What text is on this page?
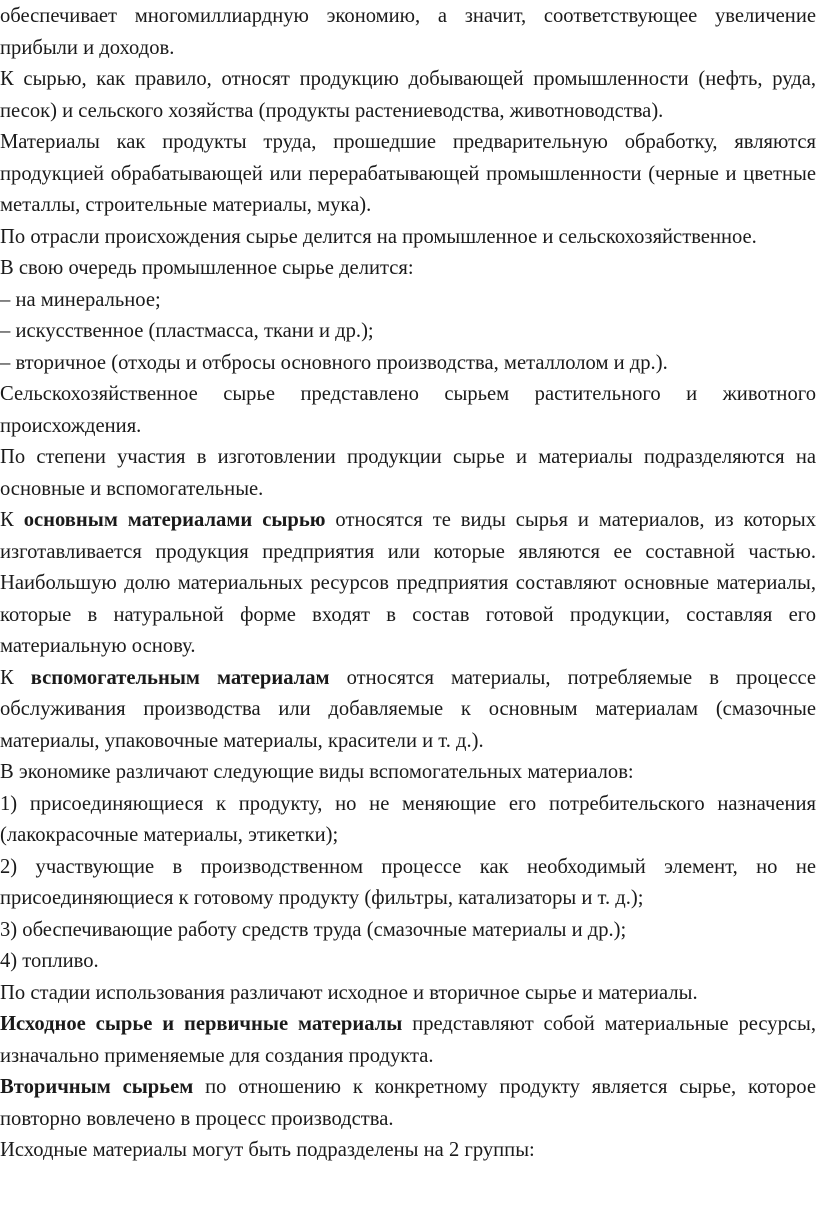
обеспечивает многомиллиардную экономию, а значит, соответствующее увеличение прибыли и доходов.

К сырью, как правило, относят продукцию добывающей промышленности (нефть, руда, песок) и сельского хозяйства (продукты растениеводства, животноводства).

Материалы как продукты труда, прошедшие предварительную обработку, являются продукцией обрабатывающей или перерабатывающей промышленности (черные и цветные металлы, строительные материалы, мука).

По отрасли происхождения сырье делится на промышленное и сельскохозяйственное.

В свою очередь промышленное сырье делится:

– на минеральное;

– искусственное (пластмасса, ткани и др.);

– вторичное (отходы и отбросы основного производства, металлолом и др.).

Сельскохозяйственное сырье представлено сырьем растительного и животного происхождения.

По степени участия в изготовлении продукции сырье и материалы подразделяются на основные и вспомогательные.

К основным материалами сырью относятся те виды сырья и материалов, из которых изготавливается продукция предприятия или которые являются ее составной частью. Наибольшую долю материальных ресурсов предприятия составляют основные материалы, которые в натуральной форме входят в состав готовой продукции, составляя его материальную основу.

К вспомогательным материалам относятся материалы, потребляемые в процессе обслуживания производства или добавляемые к основным материалам (смазочные материалы, упаковочные материалы, красители и т. д.).

В экономике различают следующие виды вспомогательных материалов:

1) присоединяющиеся к продукту, но не меняющие его потребительского назначения (лакокрасочные материалы, этикетки);

2) участвующие в производственном процессе как необходимый элемент, но не присоединяющиеся к готовому продукту (фильтры, катализаторы и т. д.);

3) обеспечивающие работу средств труда (смазочные материалы и др.);

4) топливо.

По стадии использования различают исходное и вторичное сырье и материалы.

Исходное сырье и первичные материалы представляют собой материальные ресурсы, изначально применяемые для создания продукта.

Вторичным сырьем по отношению к конкретному продукту является сырье, которое повторно вовлечено в процесс производства.

Исходные материалы могут быть подразделены на 2 группы:
